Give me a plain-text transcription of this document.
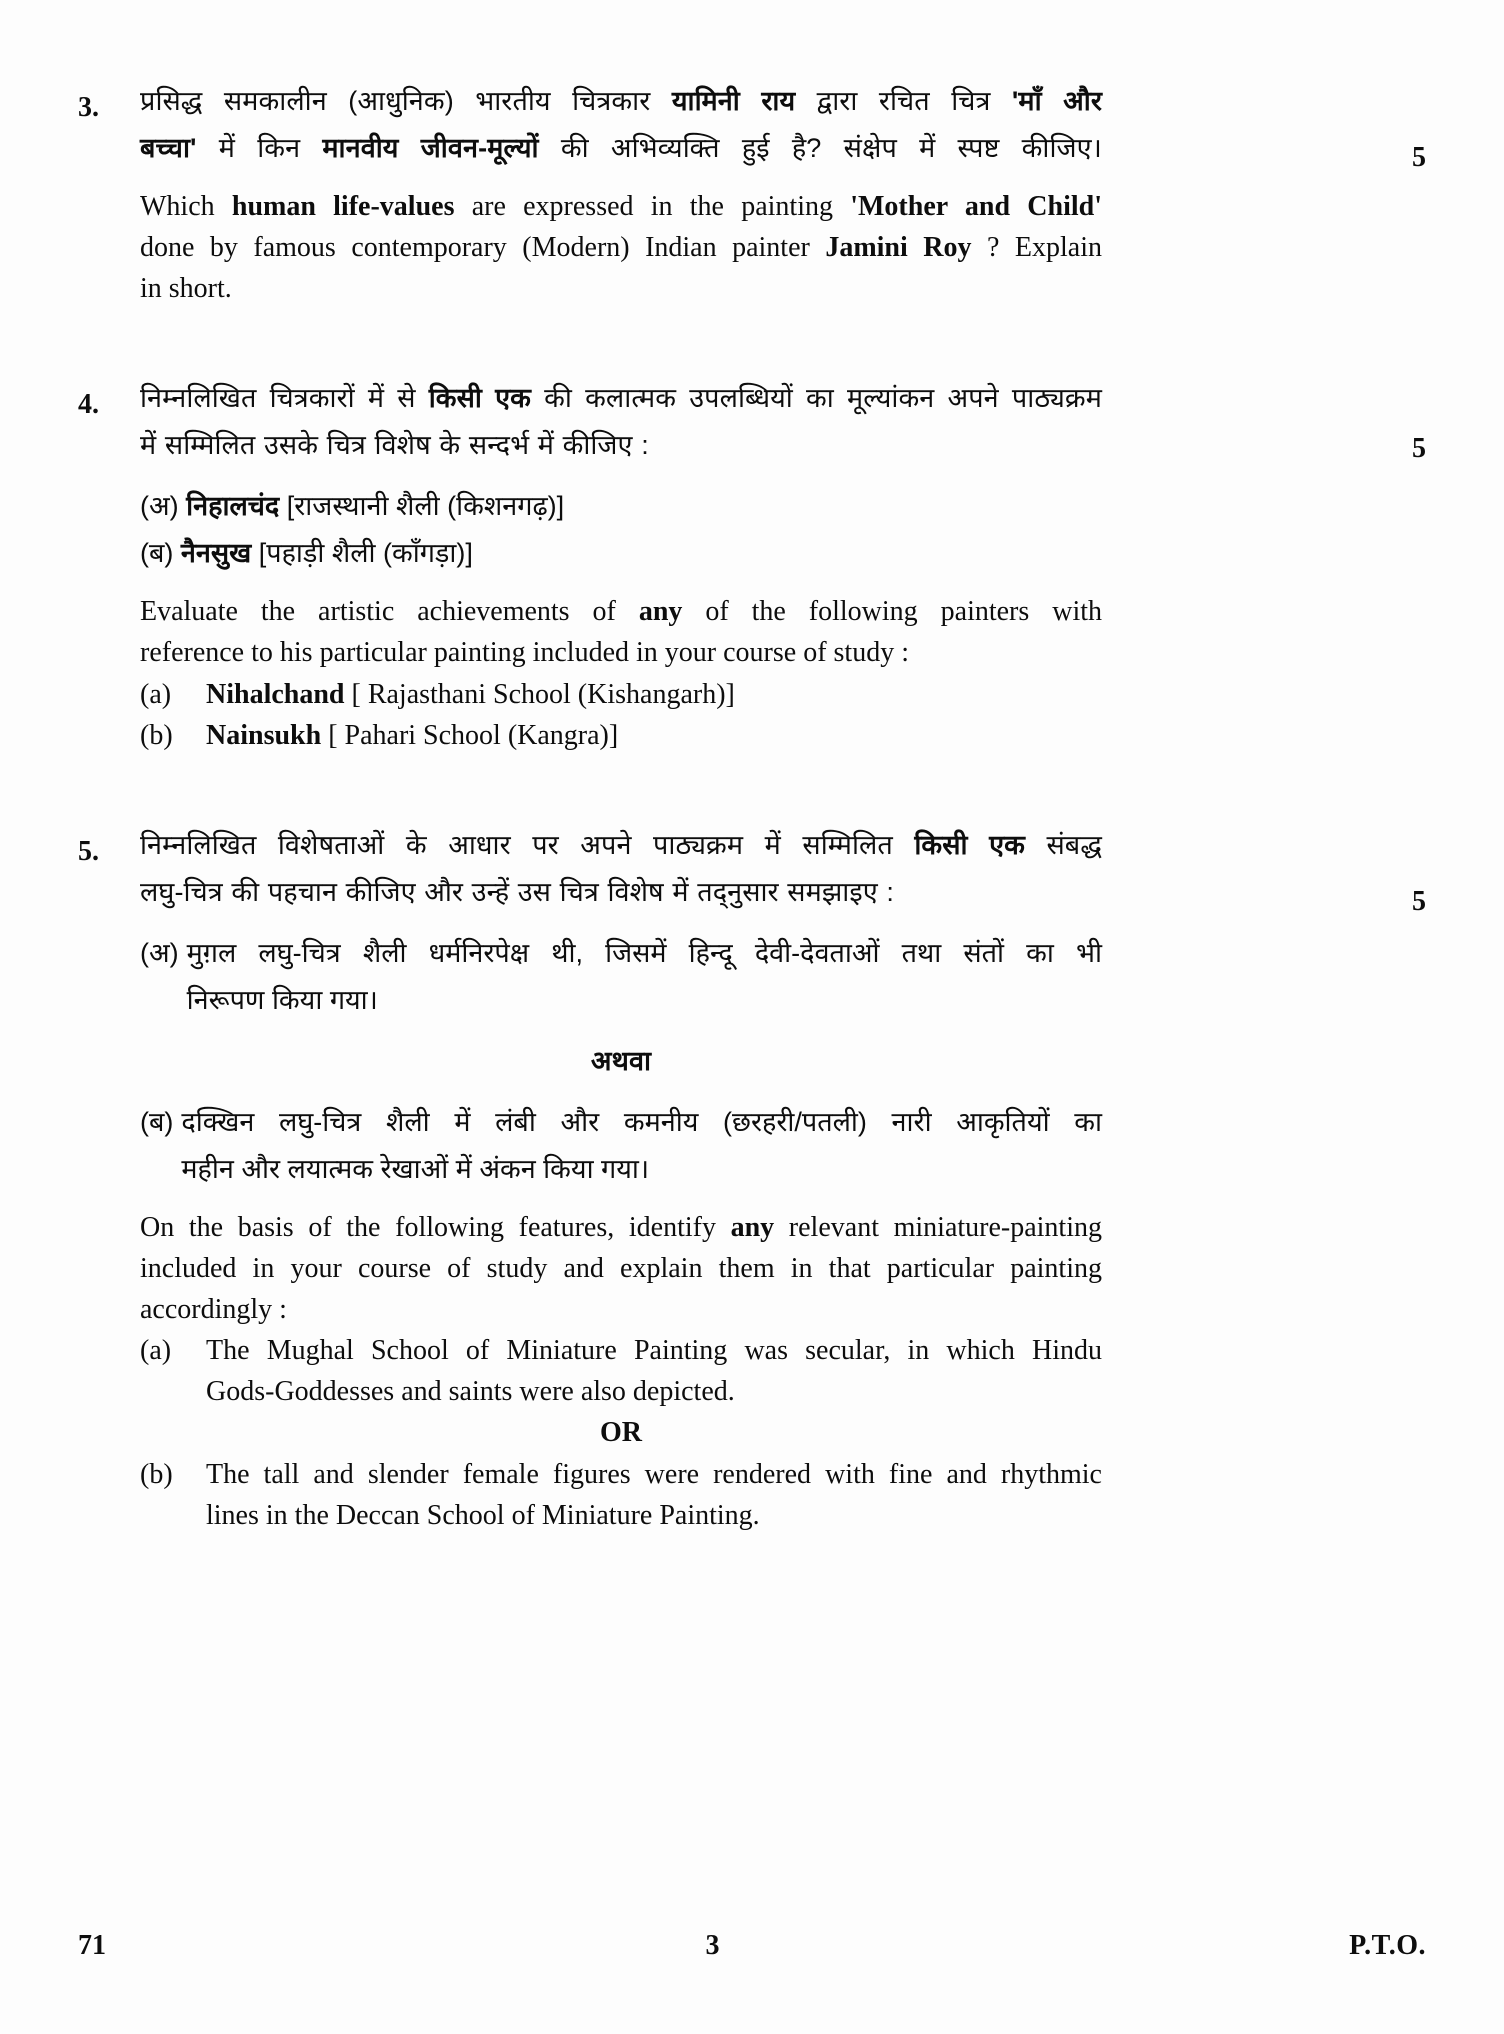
3.	प्रसिद्ध समकालीन (आधुनिक) भारतीय चित्रकार यामिनी राय द्वारा रचित चित्र 'माँ और
बच्चा' में किन मानवीय जीवन-मूल्यों की अभिव्यक्ति हुई है? संक्षेप में स्पष्ट कीजिए।
Which human life-values are expressed in the painting 'Mother and Child'
done by famous contemporary (Modern) Indian painter Jamini Roy ? Explain
in short.
5
4.	निम्नलिखित चित्रकारों में से किसी एक की कलात्मक उपलब्धियों का मूल्यांकन अपने पाठ्यक्रम
में सम्मिलित उसके चित्र विशेष के सन्दर्भ में कीजिए :
(अ) निहालचंद [राजस्थानी शैली (किशनगढ़)]
(ब) नैनसुख [पहाड़ी शैली (काँगड़ा)]
Evaluate the artistic achievements of any of the following painters with
reference to his particular painting included in your course of study :
(a)	Nihalchand [ Rajasthani School (Kishangarh)]
(b)	Nainsukh [ Pahari School (Kangra)]
5
5.	निम्नलिखित विशेषताओं के आधार पर अपने पाठ्यक्रम में सम्मिलित किसी एक संबद्ध
लघु-चित्र की पहचान कीजिए और उन्हें उस चित्र विशेष में तद्नुसार समझाइए :
(अ) मुग़ल लघु-चित्र शैली धर्मनिरपेक्ष थी, जिसमें हिन्दू देवी-देवताओं तथा संतों का भी
निरूपण किया गया।
अथवा
(ब) दक्खिन लघु-चित्र शैली में लंबी और कमनीय (छरहरी/पतली) नारी आकृतियों का
महीन और लयात्मक रेखाओं में अंकन किया गया।
On the basis of the following features, identify any relevant miniature-painting
included in your course of study and explain them in that particular painting
accordingly :
(a)	The Mughal School of Miniature Painting was secular, in which Hindu
Gods-Goddesses and saints were also depicted.
OR
(b)	The tall and slender female figures were rendered with fine and rhythmic
lines in the Deccan School of Miniature Painting.
5
71	3	P.T.O.
